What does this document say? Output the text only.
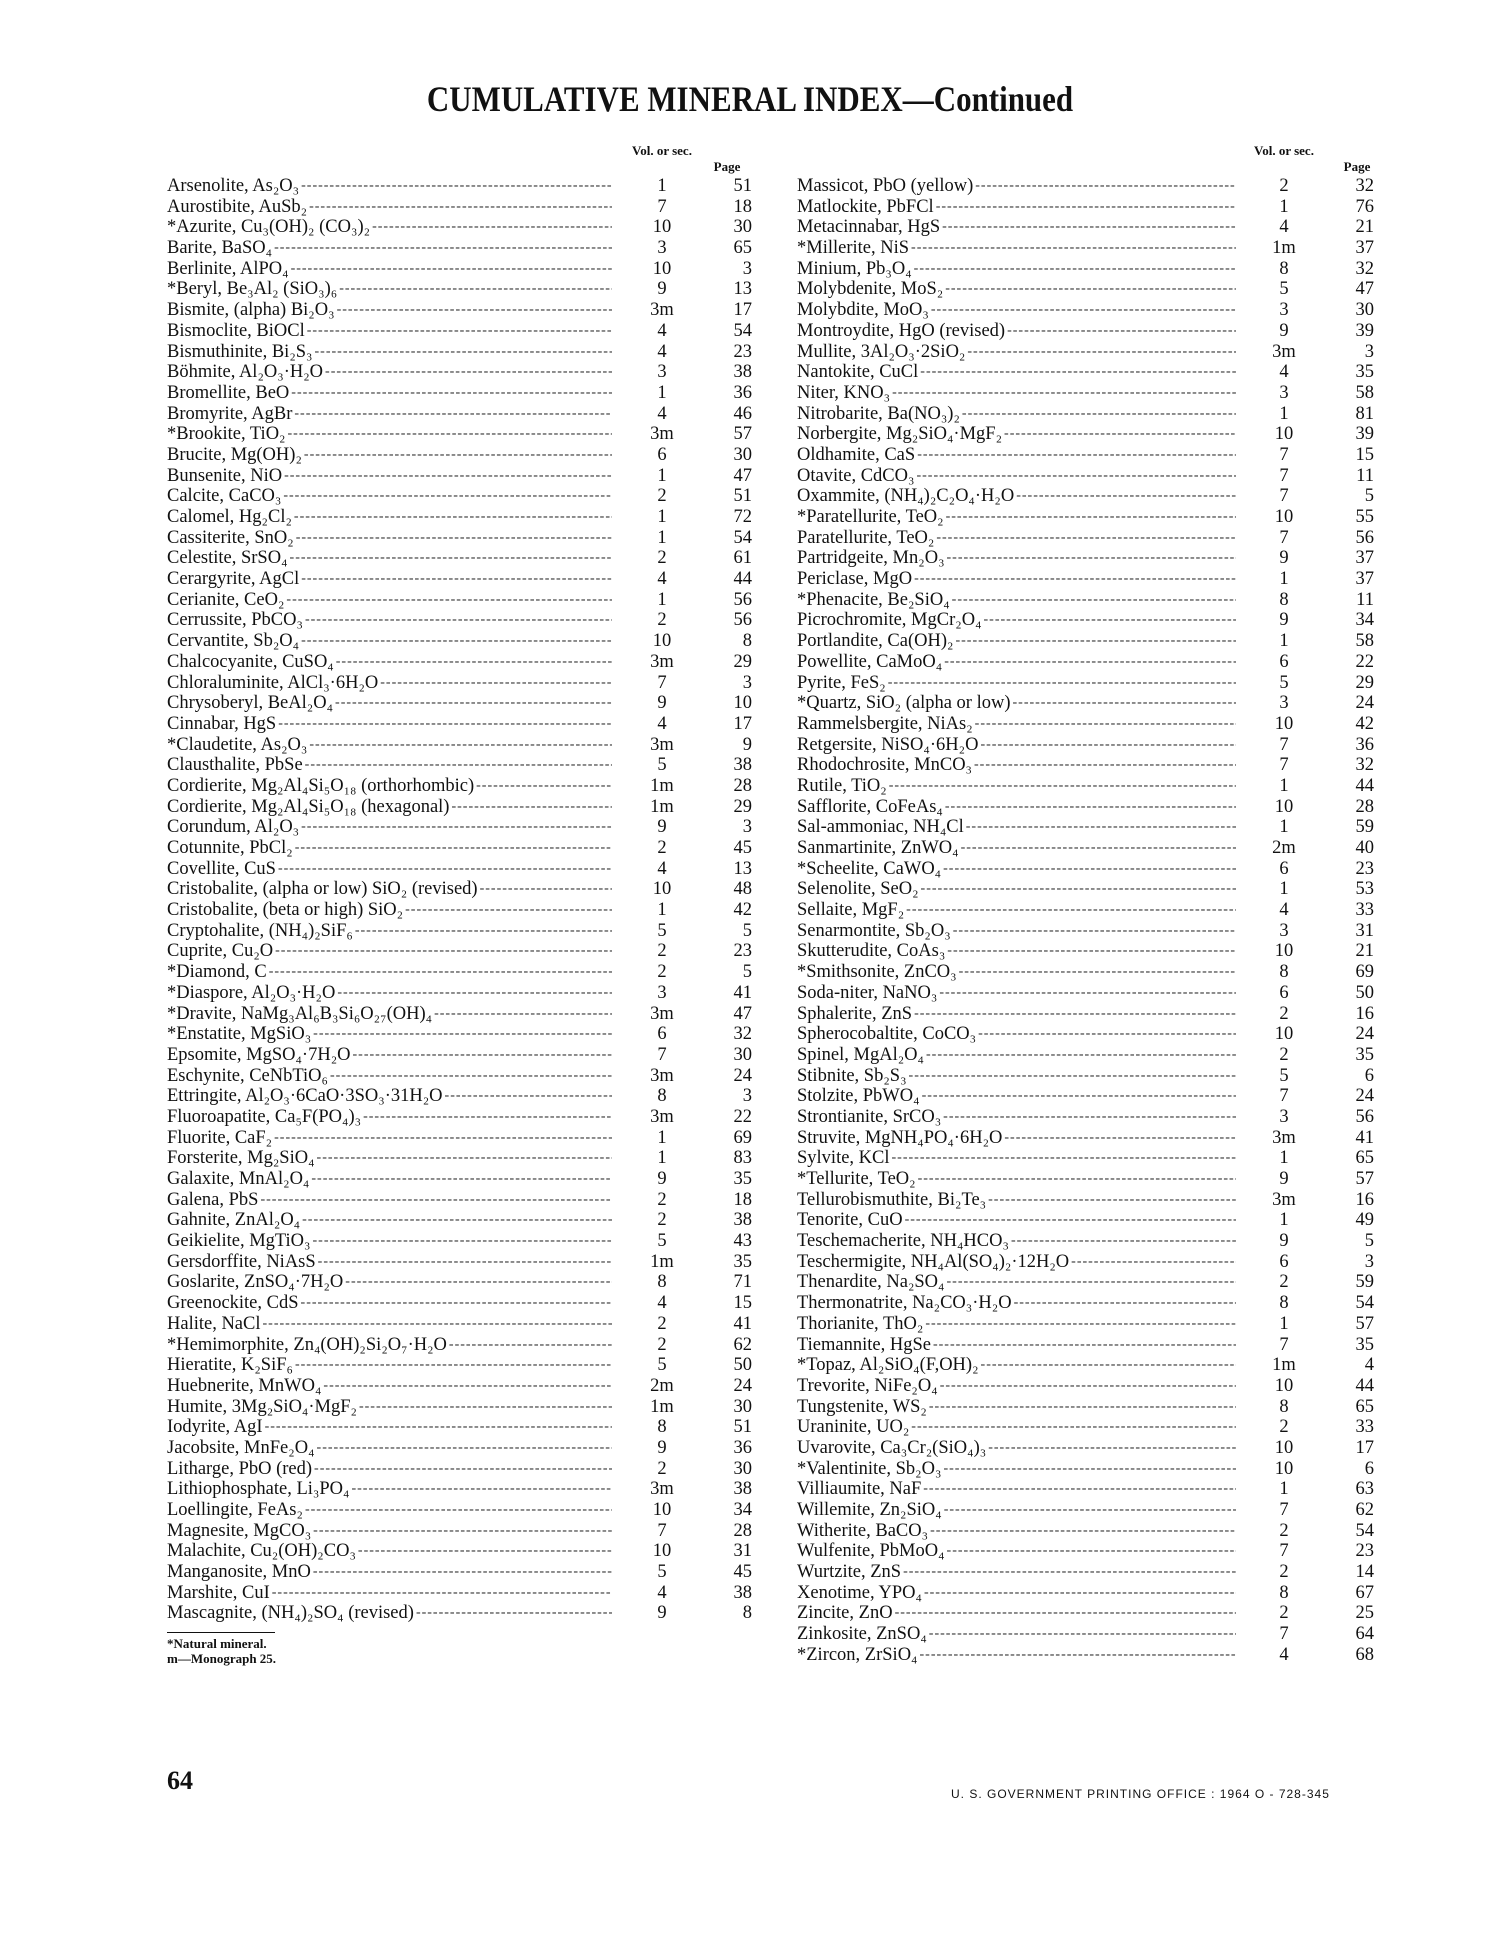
CUMULATIVE MINERAL INDEX—Continued
Vol. or sec.
Page
Arsenolite, As₂O₃ -----	1	51
Aurostibite, AuSb₂ -----	7	18
*Azurite, Cu₃(OH)₂ (CO₃)₂ -----	10	30
Barite, BaSO₄ -----	3	65
Berlinite, AlPO₄ -----	10	3
*Beryl, Be₃Al₂ (SiO₃)₆ -----	9	13
Bismite, (alpha) Bi₂O₃ -----	3m	17
Bismoclite, BiOCl -----	4	54
Bismuthinite, Bi₂S₃ -----	4	23
Böhmite, Al₂O₃·H₂O -----	3	38
Bromellite, BeO -----	1	36
Bromyrite, AgBr -----	4	46
*Brookite, TiO₂ -----	3m	57
Brucite, Mg(OH)₂ -----	6	30
Bunsenite, NiO -----	1	47
Calcite, CaCO₃ -----	2	51
Calomel, Hg₂Cl₂ -----	1	72
Cassiterite, SnO₂ -----	1	54
Celestite, SrSO₄ -----	2	61
Cerargyrite, AgCl -----	4	44
Cerianite, CeO₂ -----	1	56
Cerrussite, PbCO₃ -----	2	56
Cervantite, Sb₂O₄ -----	10	8
Chalcocyanite, CuSO₄ -----	3m	29
Chloraluminite, AlCl₃·6H₂O -----	7	3
Chrysoberyl, BeAl₂O₄ -----	9	10
Cinnabar, HgS -----	4	17
*Claudetite, As₂O₃ -----	3m	9
Clausthalite, PbSe -----	5	38
Cordierite, Mg₂Al₄Si₅O₁₈ (orthorhombic) -----	1m	28
Cordierite, Mg₂Al₄Si₅O₁₈ (hexagonal) -----	1m	29
Corundum, Al₂O₃ -----	9	3
Cotunnite, PbCl₂ -----	2	45
Covellite, CuS -----	4	13
Cristobalite, (alpha or low) SiO₂ (revised) -----	10	48
Cristobalite, (beta or high) SiO₂ -----	1	42
Cryptohalite, (NH₄)₂SiF₆ -----	5	5
Cuprite, Cu₂O -----	2	23
*Diamond, C -----	2	5
*Diaspore, Al₂O₃·H₂O -----	3	41
*Dravite, NaMg₃Al₆B₃Si₆O₂₇(OH)₄ -----	3m	47
*Enstatite, MgSiO₃ -----	6	32
Epsomite, MgSO₄·7H₂O -----	7	30
Eschynite, CeNbTiO₆ -----	3m	24
Ettringite, Al₂O₃·6CaO·3SO₃·31H₂O -----	8	3
Fluoroapatite, Ca₅F(PO₄)₃ -----	3m	22
Fluorite, CaF₂ -----	1	69
Forsterite, Mg₂SiO₄ -----	1	83
Galaxite, MnAl₂O₄ -----	9	35
Galena, PbS -----	2	18
Gahnite, ZnAl₂O₄ -----	2	38
Geikielite, MgTiO₃ -----	5	43
Gersdorffite, NiAsS -----	1m	35
Goslarite, ZnSO₄·7H₂O -----	8	71
Greenockite, CdS -----	4	15
Halite, NaCl -----	2	41
*Hemimorphite, Zn₄(OH)₂Si₂O₇·H₂O -----	2	62
Hieratite, K₂SiF₆ -----	5	50
Huebnerite, MnWO₄ -----	2m	24
Humite, 3Mg₂SiO₄·MgF₂ -----	1m	30
Iodyrite, AgI -----	8	51
Jacobsite, MnFe₂O₄ -----	9	36
Litharge, PbO (red) -----	2	30
Lithiophosphate, Li₃PO₄ -----	3m	38
Loellingite, FeAs₂ -----	10	34
Magnesite, MgCO₃ -----	7	28
Malachite, Cu₂(OH)₂CO₃ -----	10	31
Manganosite, MnO -----	5	45
Marshite, CuI -----	4	38
Mascagnite, (NH₄)₂SO₄ (revised) -----	9	8
Vol. or sec.
Page
Massicot, PbO (yellow) -----	2	32
Matlockite, PbFCl -----	1	76
Metacinnabar, HgS -----	4	21
*Millerite, NiS -----	1m	37
Minium, Pb₃O₄ -----	8	32
Molybdenite, MoS₂ -----	5	47
Molybdite, MoO₃ -----	3	30
Montroydite, HgO (revised) -----	9	39
Mullite, 3Al₂O₃·2SiO₂ -----	3m	3
Nantokite, CuCl -----	4	35
Niter, KNO₃ -----	3	58
Nitrobarite, Ba(NO₃)₂ -----	1	81
Norbergite, Mg₂SiO₄·MgF₂ -----	10	39
Oldhamite, CaS -----	7	15
Otavite, CdCO₃ -----	7	11
Oxammite, (NH₄)₂C₂O₄·H₂O -----	7	5
*Paratellurite, TeO₂ -----	10	55
Paratellurite, TeO₂ -----	7	56
Partridgeite, Mn₂O₃ -----	9	37
Periclase, MgO -----	1	37
*Phenacite, Be₂SiO₄ -----	8	11
Picrochromite, MgCr₂O₄ -----	9	34
Portlandite, Ca(OH)₂ -----	1	58
Powellite, CaMoO₄ -----	6	22
Pyrite, FeS₂ -----	5	29
*Quartz, SiO₂ (alpha or low) -----	3	24
Rammelsbergite, NiAs₂ -----	10	42
Retgersite, NiSO₄·6H₂O -----	7	36
Rhodochrosite, MnCO₃ -----	7	32
Rutile, TiO₂ -----	1	44
Safflorite, CoFeAs₄ -----	10	28
Sal-ammoniac, NH₄Cl -----	1	59
Sanmartinite, ZnWO₄ -----	2m	40
*Scheelite, CaWO₄ -----	6	23
Selenolite, SeO₂ -----	1	53
Sellaite, MgF₂ -----	4	33
Senarmontite, Sb₂O₃ -----	3	31
Skutterudite, CoAs₃ -----	10	21
*Smithsonite, ZnCO₃ -----	8	69
Soda-niter, NaNO₃ -----	6	50
Sphalerite, ZnS -----	2	16
Spherocobaltite, CoCO₃ -----	10	24
Spinel, MgAl₂O₄ -----	2	35
Stibnite, Sb₂S₃ -----	5	6
Stolzite, PbWO₄ -----	7	24
Strontianite, SrCO₃ -----	3	56
Struvite, MgNH₄PO₄·6H₂O -----	3m	41
Sylvite, KCl -----	1	65
*Tellurite, TeO₂ -----	9	57
Tellurobismuthite, Bi₂Te₃ -----	3m	16
Tenorite, CuO -----	1	49
Teschemacherite, NH₄HCO₃ -----	9	5
Teschermigite, NH₄Al(SO₄)₂·12H₂O -----	6	3
Thenardite, Na₂SO₄ -----	2	59
Thermonatrite, Na₂CO₃·H₂O -----	8	54
Thorianite, ThO₂ -----	1	57
Tiemannite, HgSe -----	7	35
*Topaz, Al₂SiO₄(F,OH)₂ -----	1m	4
Trevorite, NiFe₂O₄ -----	10	44
Tungstenite, WS₂ -----	8	65
Uraninite, UO₂ -----	2	33
Uvarovite, Ca₃Cr₂(SiO₄)₃ -----	10	17
*Valentinite, Sb₂O₃ -----	10	6
Villiaumite, NaF -----	1	63
Willemite, Zn₂SiO₄ -----	7	62
Witherite, BaCO₃ -----	2	54
Wulfenite, PbMoO₄ -----	7	23
Wurtzite, ZnS -----	2	14
Xenotime, YPO₄ -----	8	67
Zincite, ZnO -----	2	25
Zinkosite, ZnSO₄ -----	7	64
*Zircon, ZrSiO₄ -----	4	68
*Natural mineral.
m—Monograph 25.
64	U. S. GOVERNMENT PRINTING OFFICE : 1964 O - 728-345
